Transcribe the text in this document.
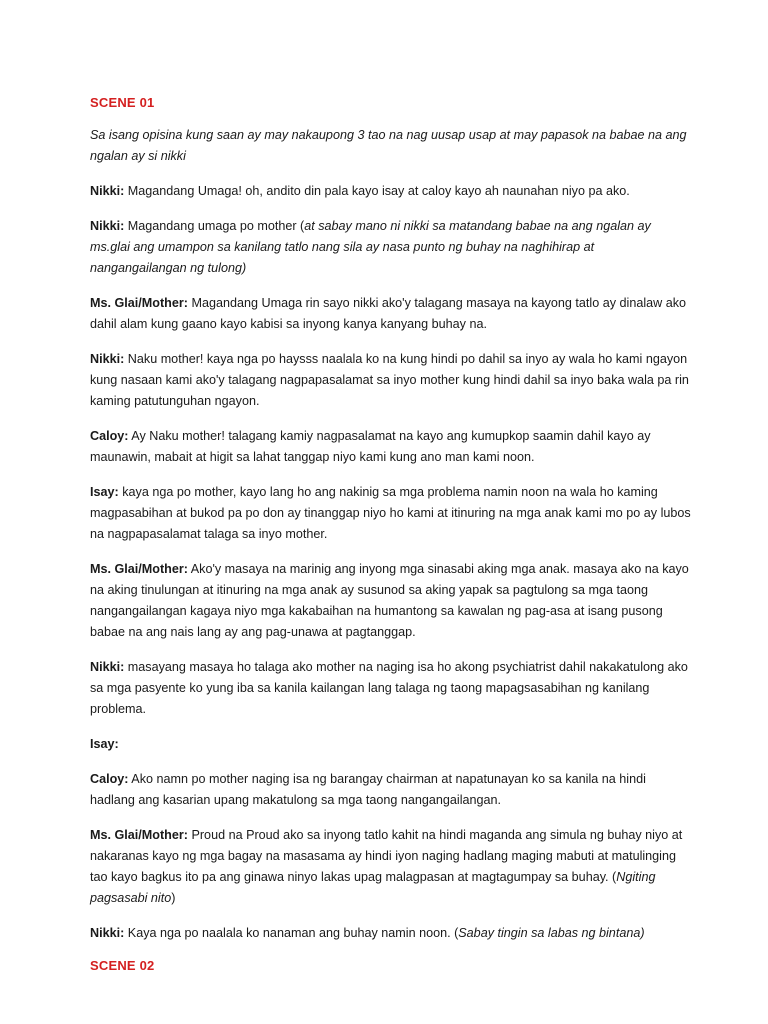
SCENE 01

Sa isang opisina kung saan ay may nakaupong 3 tao na nag uusap usap at may papasok na babae na ang ngalan ay si nikki

Nikki: Magandang Umaga! oh, andito din pala kayo isay at caloy kayo ah naunahan niyo pa ako.

Nikki: Magandang umaga po mother (at sabay mano ni nikki sa matandang babae na ang ngalan ay ms.glai ang umampon sa kanilang tatlo nang sila ay nasa punto ng buhay na naghihirap at nangangailangan ng tulong)

Ms. Glai/Mother: Magandang Umaga rin sayo nikki ako'y talagang masaya na kayong tatlo ay dinalaw ako dahil alam kung gaano kayo kabisi sa inyong kanya kanyang buhay na.

Nikki: Naku mother! kaya nga po haysss naalala ko na kung hindi po dahil sa inyo ay wala ho kami ngayon kung nasaan kami ako'y talagang nagpapasalamat sa inyo mother kung hindi dahil sa inyo baka wala pa rin kaming patutunguhan ngayon.

Caloy: Ay Naku mother! talagang kamiy nagpasalamat na kayo ang kumupkop saamin dahil kayo ay maunawin, mabait at higit sa lahat tanggap niyo kami kung ano man kami noon.

Isay: kaya nga po mother, kayo lang ho ang nakinig sa mga problema namin noon na wala ho kaming magpasabihan at bukod pa po don ay tinanggap niyo ho kami at itinuring na mga anak kami mo po ay lubos na nagpapasalamat talaga sa inyo mother.

Ms. Glai/Mother: Ako'y masaya na marinig ang inyong mga sinasabi aking mga anak. masaya ako na kayo na aking tinulungan at itinuring na mga anak ay susunod sa aking yapak sa pagtulong sa mga taong nangangailangan kagaya niyo mga kakabaihan na humantong sa kawalan ng pag-asa at isang pusong babae na ang nais lang ay ang pag-unawa at pagtanggap.

Nikki: masayang masaya ho talaga ako mother na naging isa ho akong psychiatrist dahil nakakatulong ako sa mga pasyente ko yung iba sa kanila kailangan lang talaga ng taong mapagsasabihan ng kanilang problema.

Isay:

Caloy: Ako namn po mother naging isa ng barangay chairman at napatunayan ko sa kanila na hindi hadlang ang kasarian upang makatulong sa mga taong nangangailangan.

Ms. Glai/Mother: Proud na Proud ako sa inyong tatlo kahit na hindi maganda ang simula ng buhay niyo at nakaranas kayo ng mga bagay na masasama ay hindi iyon naging hadlang maging mabuti at matulinging tao kayo bagkus ito pa ang ginawa ninyo lakas upag malagpasan at magtagumpay sa buhay. (Ngiting pagsasabi nito)

Nikki: Kaya nga po naalala ko nanaman ang buhay namin noon. (Sabay tingin sa labas ng bintana)

SCENE 02
